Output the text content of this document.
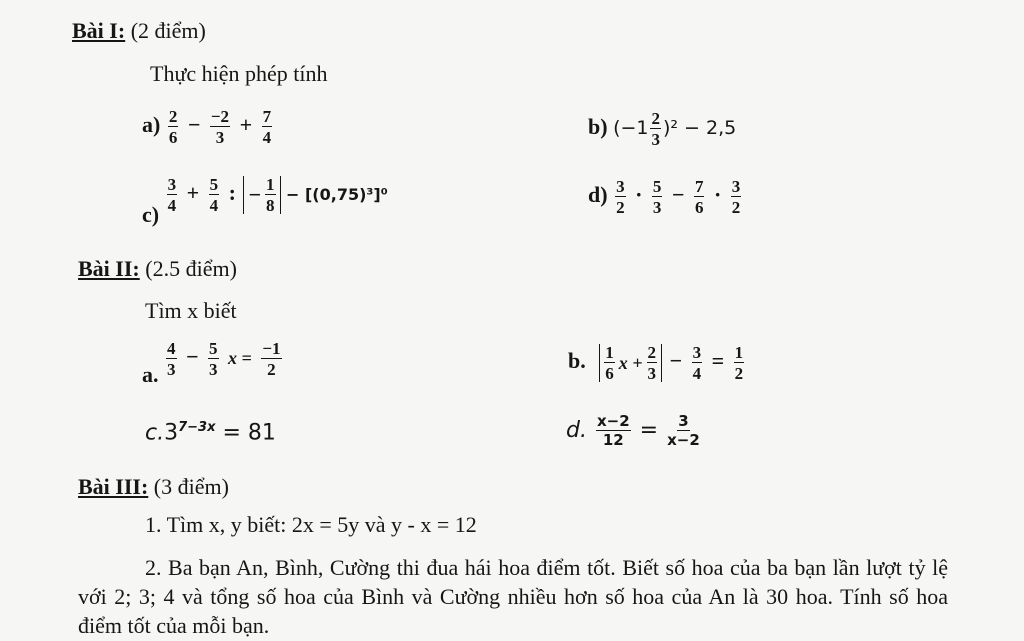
Bài I: (2 điểm)
Thực hiện phép tính
$a) \frac{2}{6} - \frac{-2}{3} + \frac{7}{4}$	b) $(-1 \frac{2}{3} )^2 - 2,5$
c)
$\frac{3}{4} + \frac{5}{4}$ : − $\frac{1}{8} - [(0,75)^3]^0$	$d) \frac{3}{2} \cdot \frac{5}{3} - \frac{7}{6} \cdot \frac{3}{2}$
Bài II: (2.5 điểm)
Tìm x biết
a. $\frac{4}{3} - \frac{5}{3}$ $x = \frac{-1}{2}$	b. $\frac{1}{6}$ $x + \frac{2}{3} - \frac{3}{4} = \frac{1}{2}$
$c.3^{7-3x} = 81$	d. $\frac{x-2}{12} = \frac{3}{x-2}$
Bài III: (3 điểm)
1. Tìm x, y biết: 2x = 5y và y - x = 12
2. Ba bạn An, Bình, Cường thi đua hái hoa điểm tốt. Biết số hoa của ba bạn lần lượt tỷ lệ với 2; 3; 4 và tổng số hoa của Bình và Cường nhiều hơn số hoa của An là 30 hoa. Tính số hoa điểm tốt của mỗi bạn.
